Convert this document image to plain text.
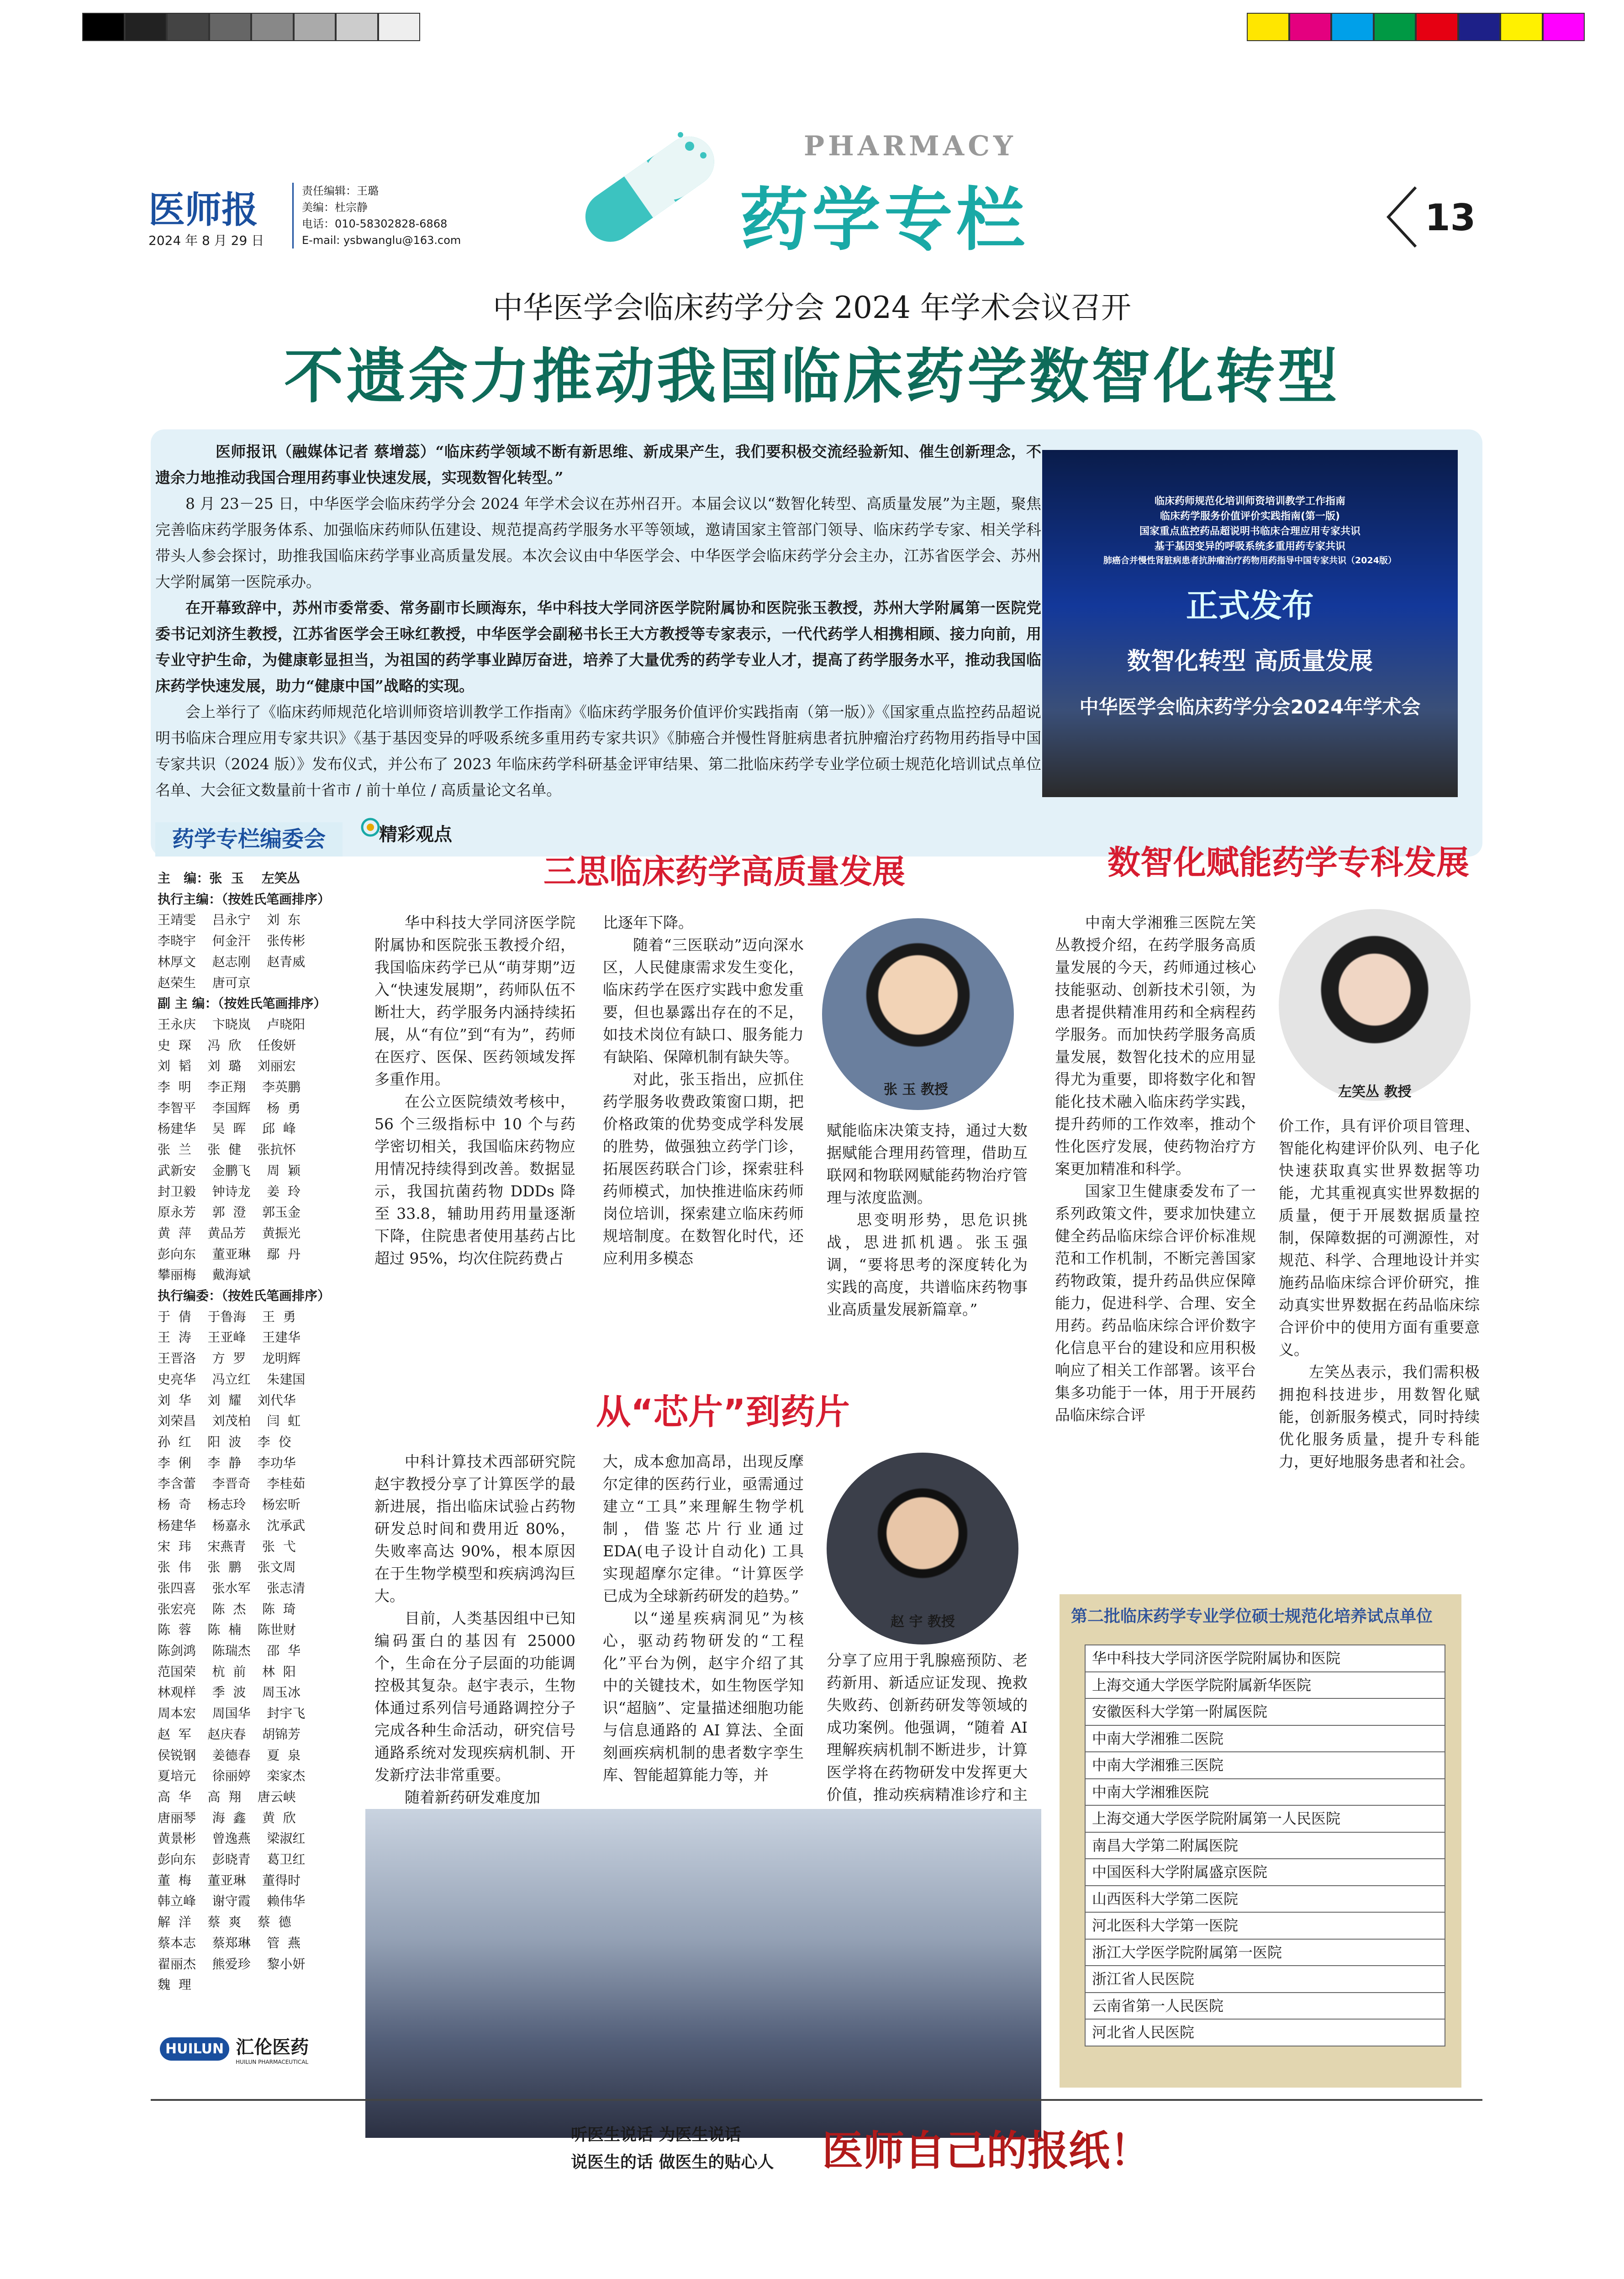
医师报
2024 年 8 月 29 日
责任编辑：王璐
美编：杜宗静
电话：010-58302828-6868
E-mail: ysbwanglu@163.com
PHARMACY
药学专栏	13
中华医学会临床药学分会 2024 年学术会议召开
不遗余力推动我国临床药学数智化转型

医师报讯（融媒体记者 蔡增蕊）“临床药学领域不断有新思维、新成果产生，我们要积极交流经验新知、催生创新理念，不遗余力地推动我国合理用药事业快速发展，实现数智化转型。”

8 月 23－25 日，中华医学会临床药学分会 2024 年学术会议在苏州召开。本届会议以“数智化转型、高质量发展”为主题，聚焦完善临床药学服务体系、加强临床药师队伍建设、规范提高药学服务水平等领域，邀请国家主管部门领导、临床药学专家、相关学科带头人参会探讨，助推我国临床药学事业高质量发展。本次会议由中华医学会、中华医学会临床药学分会主办，江苏省医学会、苏州大学附属第一医院承办。

在开幕致辞中，苏州市委常委、常务副市长顾海东，华中科技大学同济医学院附属协和医院张玉教授，苏州大学附属第一医院党委书记刘济生教授，江苏省医学会王咏红教授，中华医学会副秘书长王大方教授等专家表示，一代代药学人相携相顾、接力向前，用专业守护生命，为健康彰显担当，为祖国的药学事业踔厉奋进，培养了大量优秀的药学专业人才，提高了药学服务水平，推动我国临床药学快速发展，助力“健康中国”战略的实现。

会上举行了《临床药师规范化培训师资培训教学工作指南》《临床药学服务价值评价实践指南（第一版）》《国家重点监控药品超说明书临床合理应用专家共识》《基于基因变异的呼吸系统多重用药专家共识》《肺癌合并慢性肾脏病患者抗肿瘤治疗药物用药指导中国专家共识（2024 版）》发布仪式，并公布了 2023 年临床药学科研基金评审结果、第二批临床药学专业学位硕士规范化培训试点单位名单、大会征文数量前十省市 / 前十单位 / 高质量论文名单。

临床药师规范化培训师资培训教学工作指南
临床药学服务价值评价实践指南(第一版)
国家重点监控药品超说明书临床合理应用专家共识
基于基因变异的呼吸系统多重用药专家共识
肺癌合并慢性肾脏病患者抗肿瘤治疗药物用药指导中国专家共识（2024版）
正式发布
数智化转型 高质量发展
中华医学会临床药学分会2024年学术会
药学专栏编委会
主   编：张  玉    左笑丛
执行主编：（按姓氏笔画排序）
王靖雯    吕永宁    刘  东
李晓宇    何金汗    张传彬
林厚文    赵志刚    赵青威
赵荣生    唐可京
副 主 编：（按姓氏笔画排序）
王永庆    卞晓岚    卢晓阳
史  琛    冯  欣    任俊妍
刘  韬    刘  璐    刘丽宏
李  明    李正翔    李英鹏
李智平    李国辉    杨  勇
杨建华    吴  晖    邱  峰
张  兰    张  健    张抗怀
武新安    金鹏飞    周  颖
封卫毅    钟诗龙    姜  玲
原永芳    郭  澄    郭玉金
黄  萍    黄品芳    黄振光
彭向东    董亚琳    鄢  丹
攀丽梅    戴海斌
执行编委：（按姓氏笔画排序）
于  倩    于鲁海    王  勇
王  涛    王亚峰    王建华
王晋洛    方  罗    龙明辉
史亮华    冯立红    朱建国
刘  华    刘  耀    刘代华
刘荣昌    刘茂柏    闫  虹
孙  红    阳  波    李  佼
李  俐    李  静    李功华
李含蕾    李晋奇    李桂茹
杨  奇    杨志玲    杨宏昕
杨建华    杨嘉永    沈承武
宋  玮    宋燕青    张  弋
张  伟    张  鹏    张文周
张四喜    张水军    张志清
张宏亮    陈  杰    陈  琦
陈  蓉    陈  楠    陈世财
陈剑鸿    陈瑞杰    邵  华
范国荣    杭  前    林  阳
林观样    季  波    周玉冰
周本宏    周国华    封宇飞
赵  军    赵庆春    胡锦芳
侯锐钢    姜德春    夏  泉
夏培元    徐丽婷    栾家杰
高  华    高  翔    唐云峡
唐丽琴    海  鑫    黄  欣
黄景彬    曾逸燕    梁淑红
彭向东    彭晓青    葛卫红
董  梅    董亚琳    董得时
韩立峰    谢守霞    赖伟华
解  洋    蔡  爽    蔡  德
蔡本志    蔡郑琳    管  燕
翟丽杰    熊爱珍    黎小妍
魏  理
精彩观点
三思临床药学高质量发展

华中科技大学同济医学院附属协和医院张玉教授介绍，我国临床药学已从“萌芽期”迈入“快速发展期”，药师队伍不断壮大，药学服务内涵持续拓展，从“有位”到“有为”，药师在医疗、医保、医药领域发挥多重作用。

在公立医院绩效考核中，56 个三级指标中 10 个与药学密切相关，我国临床药物应用情况持续得到改善。数据显示，我国抗菌药物 DDDs 降至 33.8，辅助用药用量逐渐下降，住院患者使用基药占比超过 95%，均次住院药费占

比逐年下降。

随着“三医联动”迈向深水区，人民健康需求发生变化，临床药学在医疗实践中愈发重要，但也暴露出存在的不足，如技术岗位有缺口、服务能力有缺陷、保障机制有缺失等。

对此，张玉指出，应抓住药学服务收费政策窗口期，把价格政策的优势变成学科发展的胜势，做强独立药学门诊，拓展医药联合门诊，探索驻科药师模式，加快推进临床药师岗位培训，探索建立临床药师规培制度。在数智化时代，还应利用多模态

张 玉 教授

赋能临床决策支持，通过大数据赋能合理用药管理，借助互联网和物联网赋能药物治疗管理与浓度监测。

思变明形势，思危识挑战，思进抓机遇。张玉强调，“要将思考的深度转化为实践的高度，共谱临床药物事业高质量发展新篇章。”

数智化赋能药学专科发展

中南大学湘雅三医院左笑丛教授介绍，在药学服务高质量发展的今天，药师通过核心技能驱动、创新技术引领，为患者提供精准用药和全病程药学服务。而加快药学服务高质量发展，数智化技术的应用显得尤为重要，即将数字化和智能化技术融入临床药学实践，提升药师的工作效率，推动个性化医疗发展，使药物治疗方案更加精准和科学。

国家卫生健康委发布了一系列政策文件，要求加快建立健全药品临床综合评价标准规范和工作机制，不断完善国家药物政策，提升药品供应保障能力，促进科学、合理、安全用药。药品临床综合评价数字化信息平台的建设和应用积极响应了相关工作部署。该平台集多功能于一体，用于开展药品临床综合评

左笑丛 教授

价工作，具有评价项目管理、智能化构建评价队列、电子化快速获取真实世界数据等功能，尤其重视真实世界数据的质量，便于开展数据质量控制，保障数据的可溯源性，对规范、科学、合理地设计并实施药品临床综合评价研究，推动真实世界数据在药品临床综合评价中的使用方面有重要意义。

左笑丛表示，我们需积极拥抱科技进步，用数智化赋能，创新服务模式，同时持续优化服务质量，提升专科能力，更好地服务患者和社会。

从“芯片”到药片

中科计算技术西部研究院赵宇教授分享了计算医学的最新进展，指出临床试验占药物研发总时间和费用近 80%，失败率高达 90%，根本原因在于生物学模型和疾病鸿沟巨大。

目前，人类基因组中已知编码蛋白的基因有 25000 个，生命在分子层面的功能调控极其复杂。赵宇表示，生物体通过系列信号通路调控分子完成各种生命活动，研究信号通路系统对发现疾病机制、开发新疗法非常重要。

随着新药研发难度加

大，成本愈加高昂，出现反摩尔定律的医药行业，亟需通过建立“工具”来理解生物学机制，借鉴芯片行业通过 EDA(电子设计自动化) 工具实现超摩尔定律。“计算医学已成为全球新药研发的趋势。”

以“递星疾病洞见”为核心，驱动药物研发的“工程化”平台为例，赵宇介绍了其中的关键技术，如生物医学知识“超脑”、定量描述细胞功能与信息通路的 AI 算法、全面刻画疾病机制的患者数字孪生库、智能超算能力等，并

赵 宇 教授

分享了应用于乳腺癌预防、老药新用、新适应证发现、挽救失败药、创新药研发等领域的成功案例。他强调，“随着 AI 理解疾病机制不断进步，计算医学将在药物研发中发挥更大价值，推动疾病精准诊疗和主

HUILUN 汇伦医药
HUILUN PHARMACEUTICAL
第二批临床药学专业学位硕士规范化培养试点单位
华中科技大学同济医学院附属协和医院
上海交通大学医学院附属新华医院
安徽医科大学第一附属医院
中南大学湘雅二医院
中南大学湘雅三医院
中南大学湘雅医院
上海交通大学医学院附属第一人民医院
南昌大学第二附属医院
中国医科大学附属盛京医院
山西医科大学第二医院
河北医科大学第一医院
浙江大学医学院附属第一医院
浙江省人民医院
云南省第一人民医院
河北省人民医院
听医生说话 为医生说话
说医生的话 做医生的贴心人 医师自己的报纸！
